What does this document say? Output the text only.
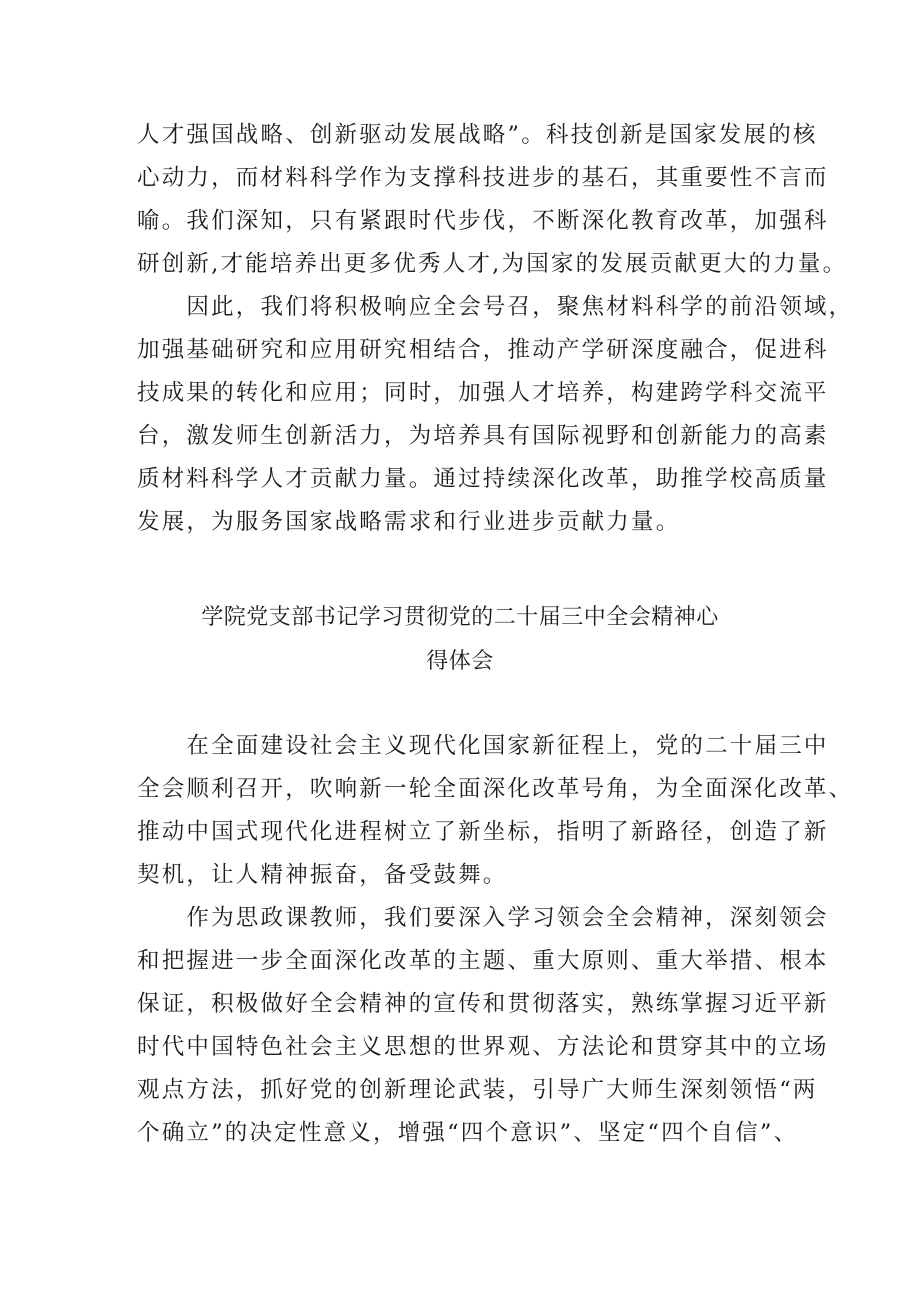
人才强国战略、创新驱动发展战略”。科技创新是国家发展的核
心动力，而材料科学作为支撑科技进步的基石，其重要性不言而
喻。我们深知，只有紧跟时代步伐，不断深化教育改革，加强科
研创新,才能培养出更多优秀人才,为国家的发展贡献更大的力量。
　　因此，我们将积极响应全会号召，聚焦材料科学的前沿领域，
加强基础研究和应用研究相结合，推动产学研深度融合，促进科
技成果的转化和应用；同时，加强人才培养，构建跨学科交流平
台，激发师生创新活力，为培养具有国际视野和创新能力的高素
质材料科学人才贡献力量。通过持续深化改革，助推学校高质量
发展，为服务国家战略需求和行业进步贡献力量。
学院党支部书记学习贯彻党的二十届三中全会精神心
得体会
　　在全面建设社会主义现代化国家新征程上，党的二十届三中
全会顺利召开，吹响新一轮全面深化改革号角，为全面深化改革、
推动中国式现代化进程树立了新坐标，指明了新路径，创造了新
契机，让人精神振奋，备受鼓舞。
　　作为思政课教师，我们要深入学习领会全会精神，深刻领会
和把握进一步全面深化改革的主题、重大原则、重大举措、根本
保证，积极做好全会精神的宣传和贯彻落实，熟练掌握习近平新
时代中国特色社会主义思想的世界观、方法论和贯穿其中的立场
观点方法，抓好党的创新理论武装，引导广大师生深刻领悟“两
个确立”的决定性意义，增强“四个意识”、坚定“四个自信”、
